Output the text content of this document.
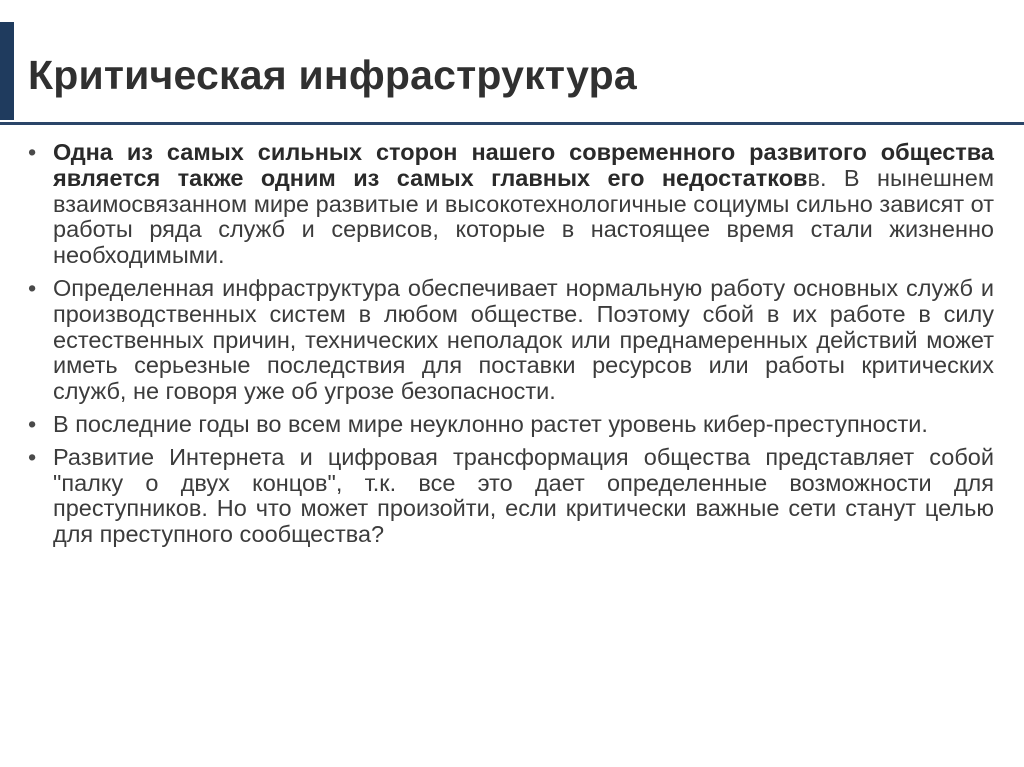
Критическая инфраструктура
• Одна из самых сильных сторон нашего современного развитого общества является также одним из самых главных его недостатковв. В нынешнем взаимосвязанном мире развитые и высокотехнологичные социумы сильно зависят от работы ряда служб и сервисов, которые в настоящее время стали жизненно необходимыми.
• Определенная инфраструктура обеспечивает нормальную работу основных служб и производственных систем в любом обществе. Поэтому сбой в их работе в силу естественных причин, технических неполадок или преднамеренных действий может иметь серьезные последствия для поставки ресурсов или работы критических служб, не говоря уже об угрозе безопасности.
• В последние годы во всем мире неуклонно растет уровень кибер-преступности.
• Развитие Интернета и цифровая трансформация общества представляет собой "палку о двух концов", т.к. все это дает определенные возможности для преступников. Но что может произойти, если критически важные сети станут целью для преступного сообщества?
